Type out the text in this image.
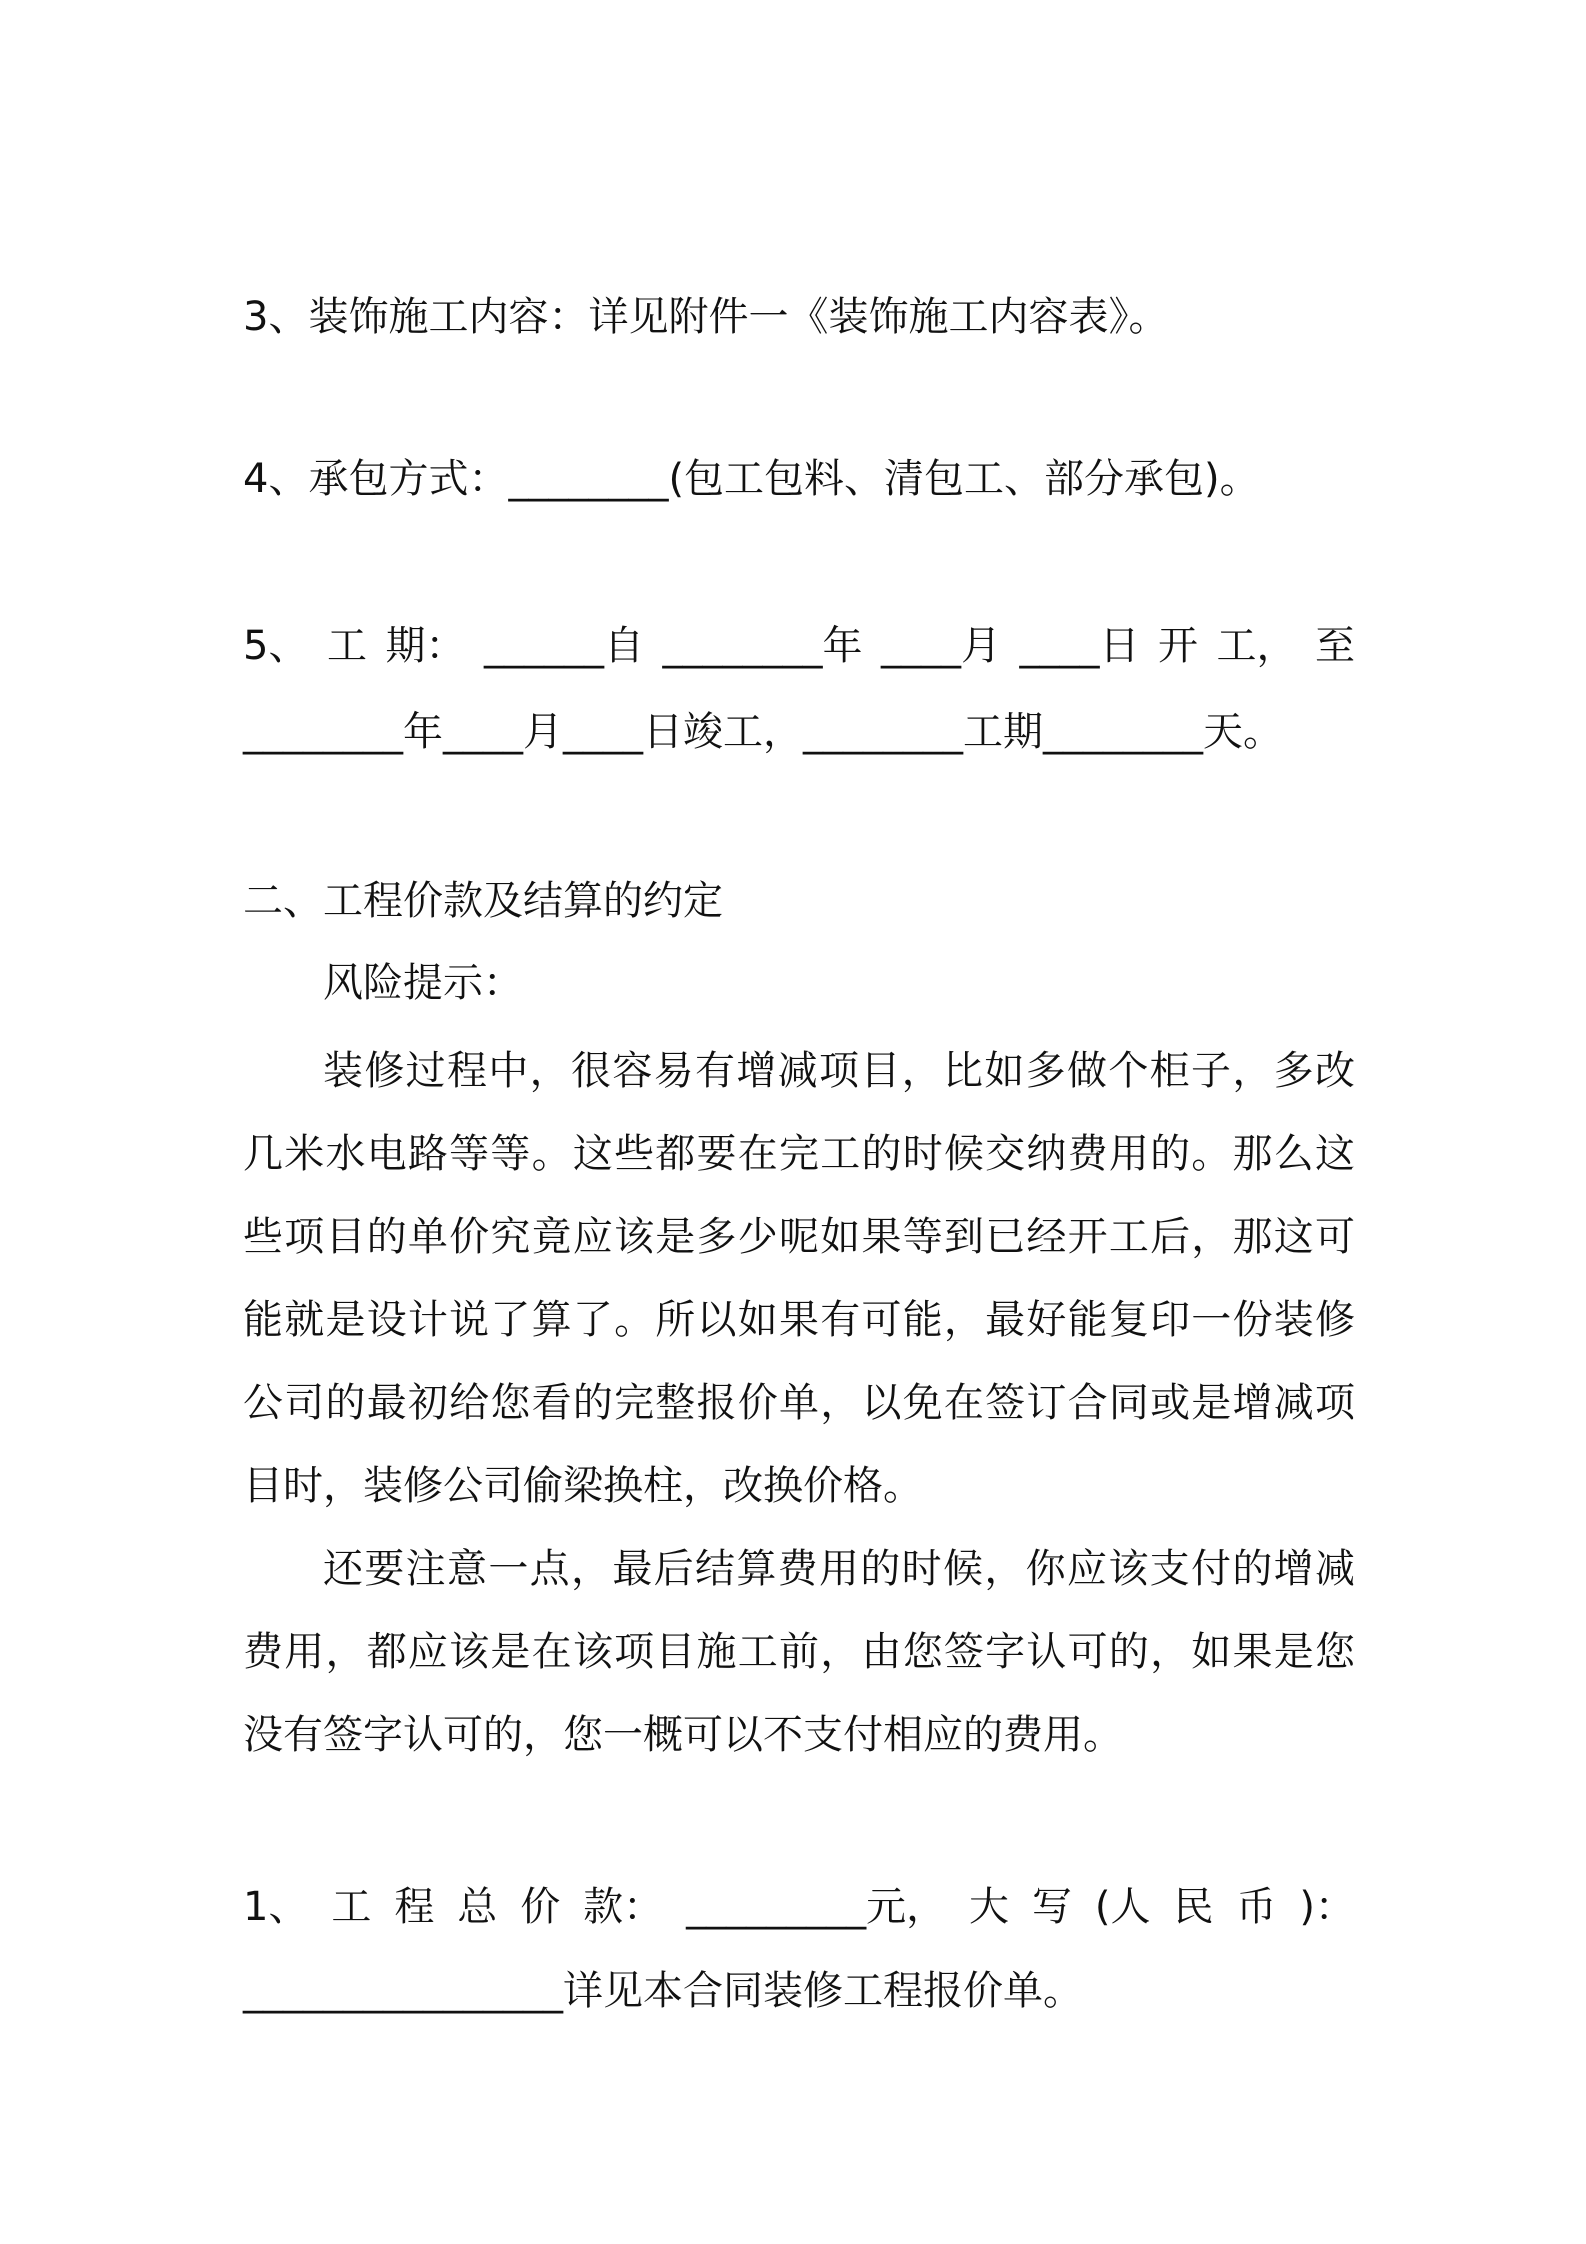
3、装饰施工内容：详见附件一《装饰施工内容表》。
4、承包方式：________(包工包料、清包工、部分承包)。
5、 工 期： ______自 ________年 ____月 ____日 开 工， 至
________年____月____日竣工，________工期________天。
二、工程价款及结算的约定
风险提示：
装修过程中，很容易有增减项目，比如多做个柜子，多改几米水电路等等。这些都要在完工的时候交纳费用的。那么这些项目的单价究竟应该是多少呢如果等到已经开工后，那这可能就是设计说了算了。所以如果有可能，最好能复印一份装修公司的最初给您看的完整报价单，以免在签订合同或是增减项目时，装修公司偷梁换柱，改换价格。
还要注意一点，最后结算费用的时候，你应该支付的增减费用，都应该是在该项目施工前，由您签字认可的，如果是您没有签字认可的，您一概可以不支付相应的费用。
1、 工 程 总 价 款： _________元， 大 写 (人 民 币 )：
________________详见本合同装修工程报价单。
